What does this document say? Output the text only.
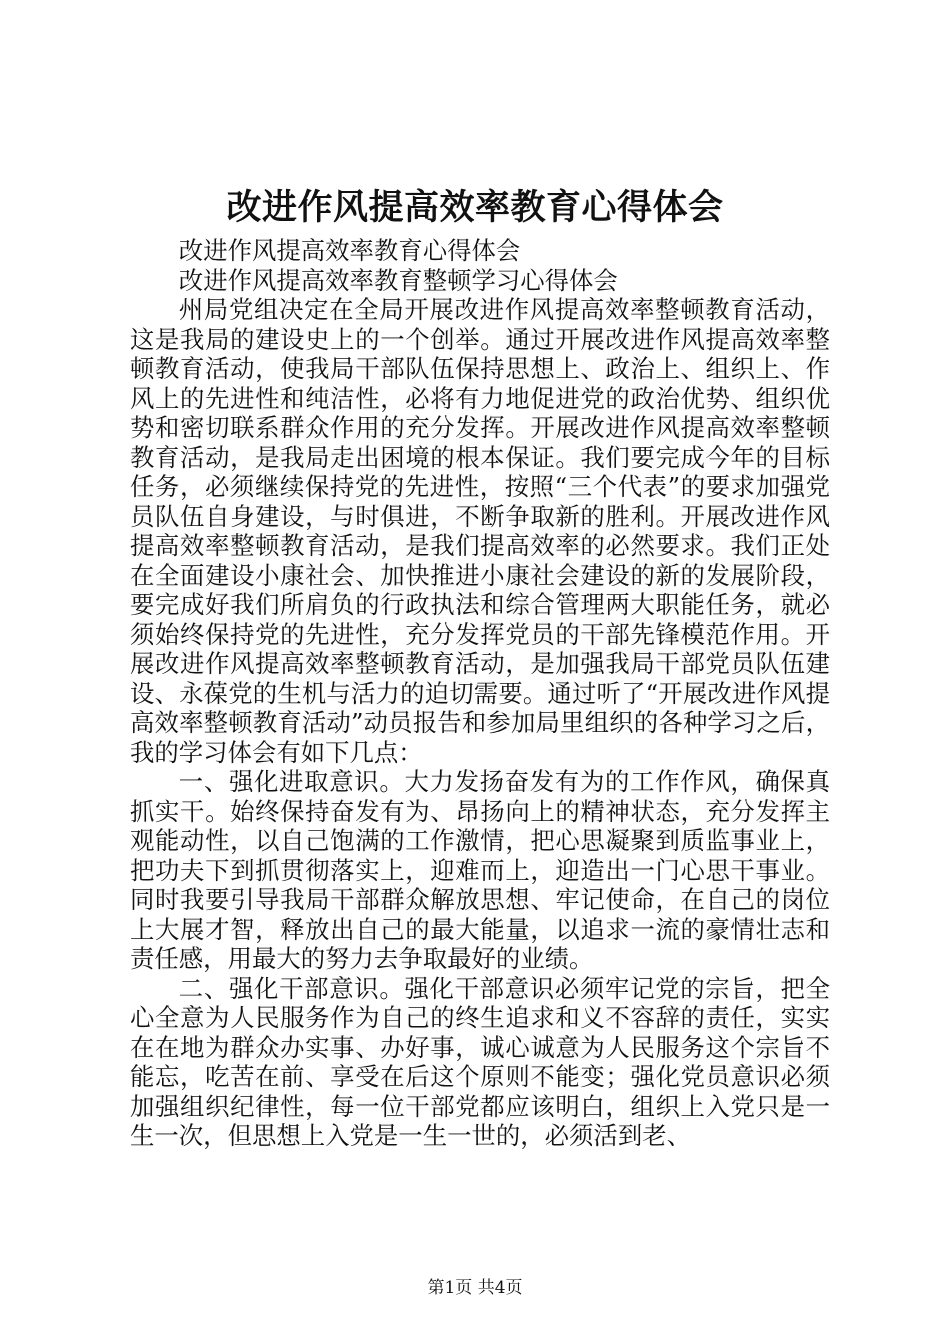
改进作风提高效率教育心得体会

改进作风提高效率教育心得体会

改进作风提高效率教育整顿学习心得体会

州局党组决定在全局开展改进作风提高效率整顿教育活动，这是我局的建设史上的一个创举。通过开展改进作风提高效率整顿教育活动，使我局干部队伍保持思想上、政治上、组织上、作风上的先进性和纯洁性，必将有力地促进党的政治优势、组织优势和密切联系群众作用的充分发挥。开展改进作风提高效率整顿教育活动，是我局走出困境的根本保证。我们要完成今年的目标任务，必须继续保持党的先进性，按照“三个代表”的要求加强党员队伍自身建设，与时俱进，不断争取新的胜利。开展改进作风提高效率整顿教育活动，是我们提高效率的必然要求。我们正处在全面建设小康社会、加快推进小康社会建设的新的发展阶段，要完成好我们所肩负的行政执法和综合管理两大职能任务，就必须始终保持党的先进性，充分发挥党员的干部先锋模范作用。开展改进作风提高效率整顿教育活动，是加强我局干部党员队伍建设、永葆党的生机与活力的迫切需要。通过听了“开展改进作风提高效率整顿教育活动”动员报告和参加局里组织的各种学习之后，我的学习体会有如下几点：

一、强化进取意识。大力发扬奋发有为的工作作风，确保真抓实干。始终保持奋发有为、昂扬向上的精神状态，充分发挥主观能动性，以自己饱满的工作激情，把心思凝聚到质监事业上，把功夫下到抓贯彻落实上，迎难而上，迎造出一门心思干事业。同时我要引导我局干部群众解放思想、牢记使命，在自己的岗位上大展才智，释放出自己的最大能量，以追求一流的豪情壮志和责任感，用最大的努力去争取最好的业绩。

二、强化干部意识。强化干部意识必须牢记党的宗旨，把全心全意为人民服务作为自己的终生追求和义不容辞的责任，实实在在地为群众办实事、办好事，诚心诚意为人民服务这个宗旨不能忘，吃苦在前、享受在后这个原则不能变；强化党员意识必须加强组织纪律性，每一位干部党都应该明白，组织上入党只是一生一次，但思想上入党是一生一世的，必须活到老、

第1页 共4页
